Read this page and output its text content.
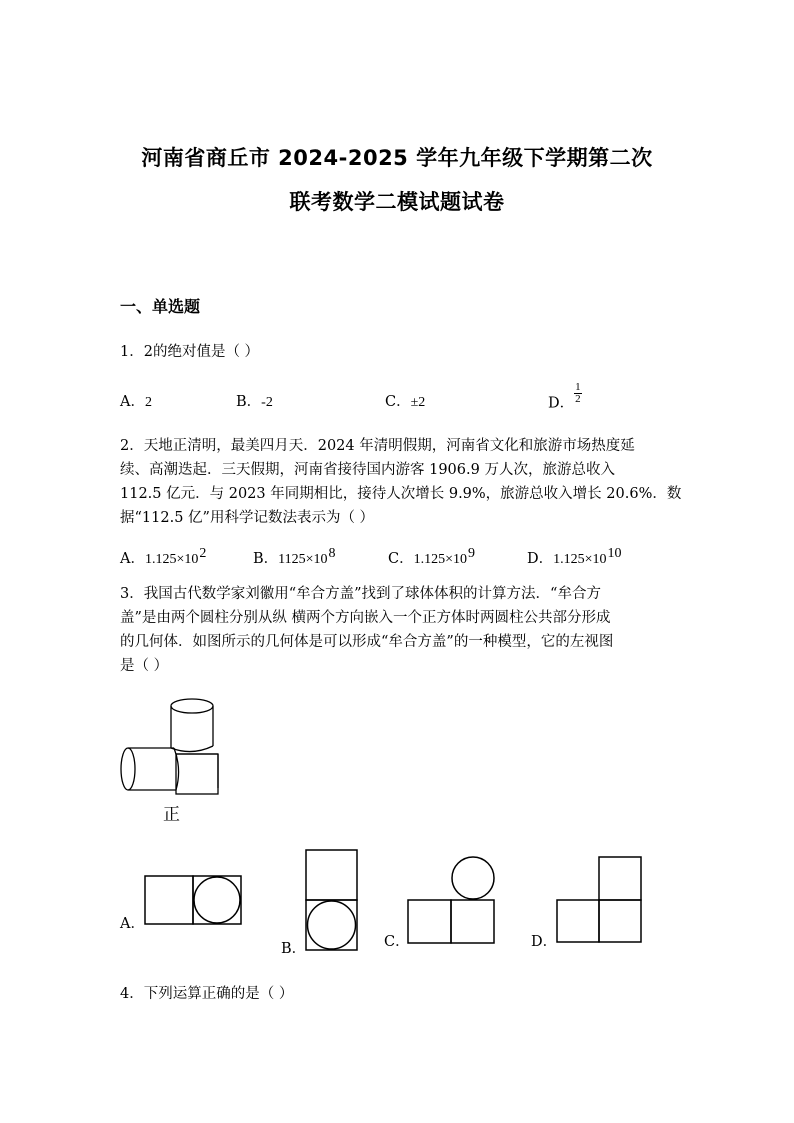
河南省商丘市 2024-2025 学年九年级下学期第二次
联考数学二模试题试卷
一、单选题
1．2的绝对值是（ ）
A．2	B．-2	C．±2	D． $\frac{1}{2}$
2．天地正清明，最美四月天．2024 年清明假期，河南省文化和旅游市场热度延
续、高潮迭起．三天假期，河南省接待国内游客 1906.9 万人次，旅游总收入
112.5 亿元．与 2023 年同期相比，接待人次增长 9.9%，旅游总收入增长 20.6%．数
据“112.5 亿”用科学记数法表示为（ ）
A．$1.125\times 10^2$	B．$1125\times 10^8$	C．$1.125\times 10^9$	D．$1.125\times 10^{10}$
3．我国古代数学家刘徽用“牟合方盖”找到了球体体积的计算方法．“牟合方
盖”是由两个圆柱分别从纵 横两个方向嵌入一个正方体时两圆柱公共部分形成
的几何体．如图所示的几何体是可以形成“牟合方盖”的一种模型，它的左视图
是（ ）
正
A．
B．	C．	D．
4．下列运算正确的是（ ）
